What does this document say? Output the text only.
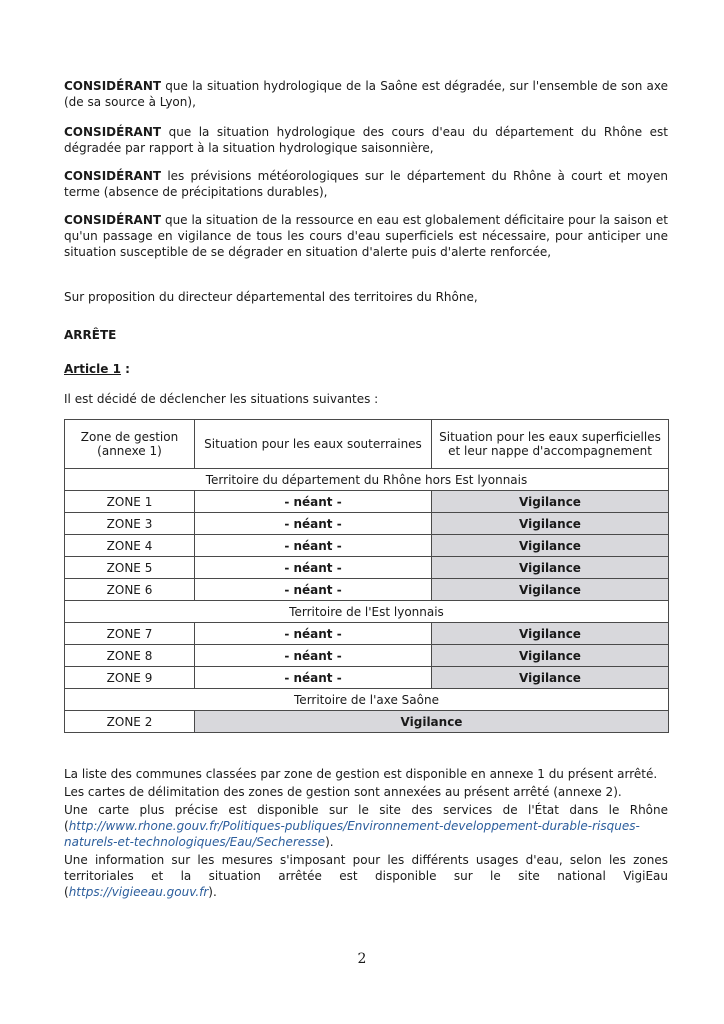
CONSIDÉRANT que la situation hydrologique de la Saône est dégradée, sur l'ensemble de son axe (de sa source à Lyon),

CONSIDÉRANT que la situation hydrologique des cours d'eau du département du Rhône est dégradée par rapport à la situation hydrologique saisonnière,

CONSIDÉRANT les prévisions météorologiques sur le département du Rhône à court et moyen terme (absence de précipitations durables),

CONSIDÉRANT que la situation de la ressource en eau est globalement déficitaire pour la saison et qu'un passage en vigilance de tous les cours d'eau superficiels est nécessaire, pour anticiper une situation susceptible de se dégrader en situation d'alerte puis d'alerte renforcée,

Sur proposition du directeur départemental des territoires du Rhône,
ARRÊTE
Article 1 :
Il est décidé de déclencher les situations suivantes :
Zone de gestion (annexe 1)	Situation pour les eaux souterraines	Situation pour les eaux superficielles et leur nappe d'accompagnement
Territoire du département du Rhône hors Est lyonnais		
ZONE 1	- néant -	Vigilance
ZONE 3	- néant -	Vigilance
ZONE 4	- néant -	Vigilance
ZONE 5	- néant -	Vigilance
ZONE 6	- néant -	Vigilance
Territoire de l'Est lyonnais		
ZONE 7	- néant -	Vigilance
ZONE 8	- néant -	Vigilance
ZONE 9	- néant -	Vigilance
Territoire de l'axe Saône		
ZONE 2	Vigilance	
La liste des communes classées par zone de gestion est disponible en annexe 1 du présent arrêté.
Les cartes de délimitation des zones de gestion sont annexées au présent arrêté (annexe 2).

Une carte plus précise est disponible sur le site des services de l'État dans le Rhône (http://www.rhone.gouv.fr/Politiques-publiques/Environnement-developpement-durable-risques-naturels-et-technologiques/Eau/Secheresse).

Une information sur les mesures s'imposant pour les différents usages d'eau, selon les zones territoriales et la situation arrêtée est disponible sur le site national VigiEau (https://vigieeau.gouv.fr).

2
